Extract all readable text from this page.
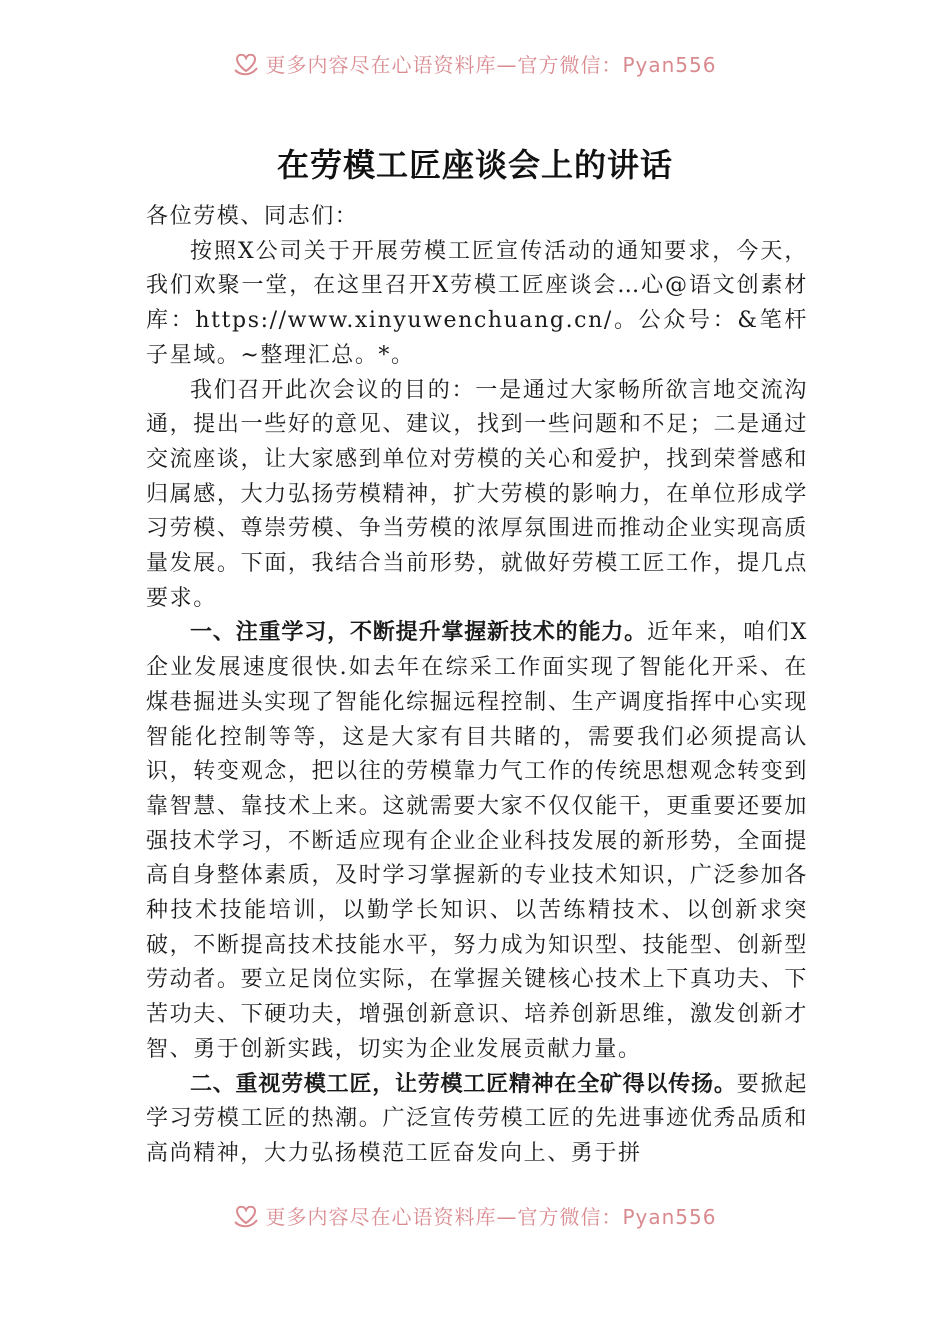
更多内容尽在心语资料库—官方微信：Pyan556
在劳模工匠座谈会上的讲话

各位劳模、同志们：

按照X公司关于开展劳模工匠宣传活动的通知要求，今天，我们欢聚一堂，在这里召开X劳模工匠座谈会…心@语文创素材库：https://www.xinyuwenchuang.cn/。公众号：&笔杆子星域。~整理汇总。*。

我们召开此次会议的目的：一是通过大家畅所欲言地交流沟通，提出一些好的意见、建议，找到一些问题和不足；二是通过交流座谈，让大家感到单位对劳模的关心和爱护，找到荣誉感和归属感，大力弘扬劳模精神，扩大劳模的影响力，在单位形成学习劳模、尊崇劳模、争当劳模的浓厚氛围进而推动企业实现高质量发展。下面，我结合当前形势，就做好劳模工匠工作，提几点要求。

一、注重学习，不断提升掌握新技术的能力。近年来，咱们X企业发展速度很快.如去年在综采工作面实现了智能化开采、在煤巷掘进头实现了智能化综掘远程控制、生产调度指挥中心实现智能化控制等等，这是大家有目共睹的，需要我们必须提高认识，转变观念，把以往的劳模靠力气工作的传统思想观念转变到靠智慧、靠技术上来。这就需要大家不仅仅能干，更重要还要加强技术学习，不断适应现有企业企业科技发展的新形势，全面提高自身整体素质，及时学习掌握新的专业技术知识，广泛参加各种技术技能培训，以勤学长知识、以苦练精技术、以创新求突破，不断提高技术技能水平，努力成为知识型、技能型、创新型劳动者。要立足岗位实际，在掌握关键核心技术上下真功夫、下苦功夫、下硬功夫，增强创新意识、培养创新思维，激发创新才智、勇于创新实践，切实为企业发展贡献力量。

二、重视劳模工匠，让劳模工匠精神在全矿得以传扬。要掀起学习劳模工匠的热潮。广泛宣传劳模工匠的先进事迹优秀品质和高尚精神，大力弘扬模范工匠奋发向上、勇于拼

更多内容尽在心语资料库—官方微信：Pyan556
